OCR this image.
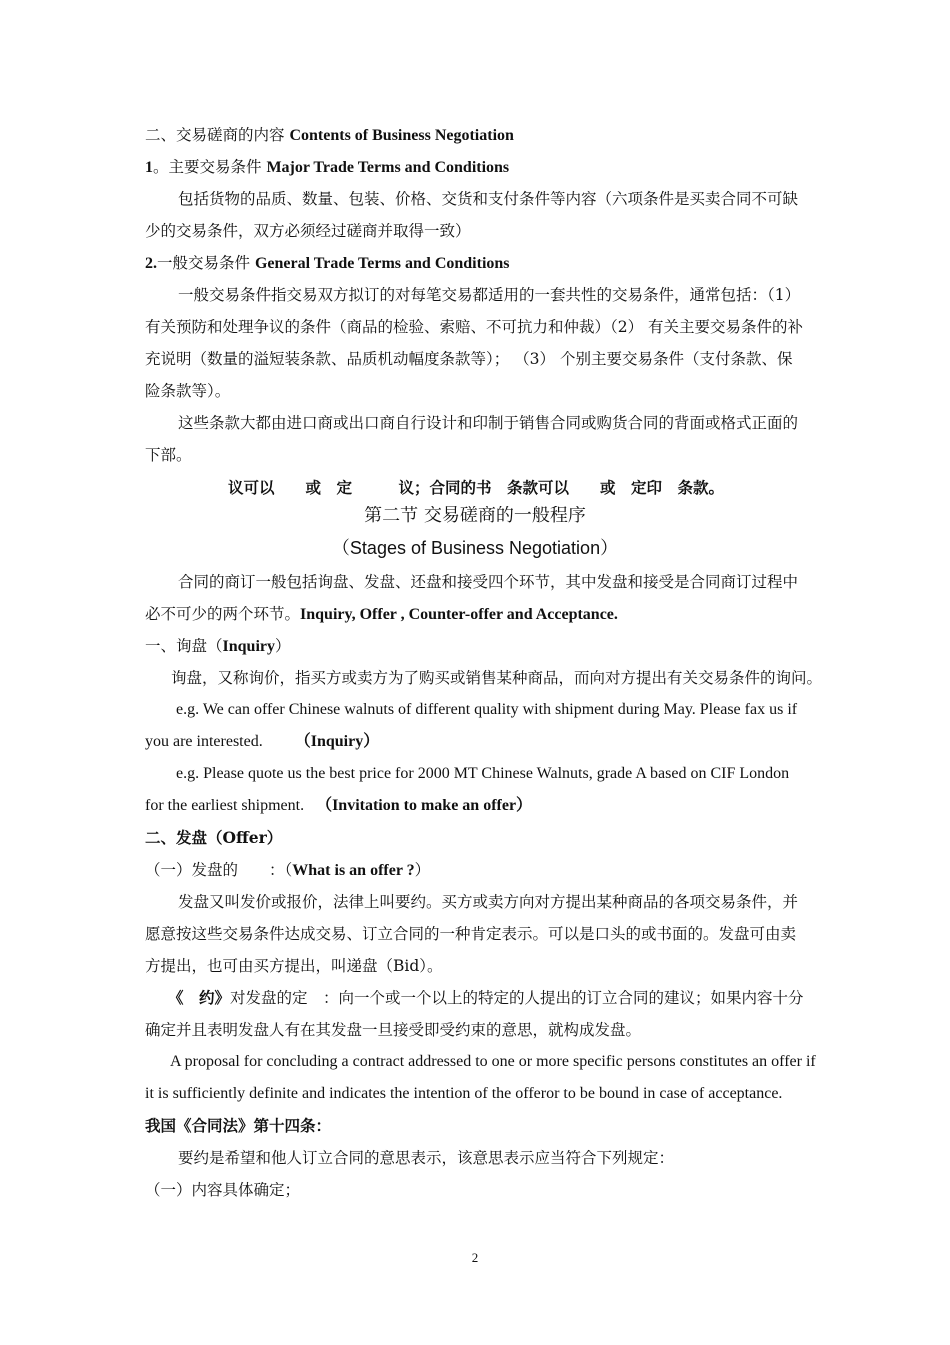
二、交易磋商的内容 Contents of Business Negotiation
1。主要交易条件 Major Trade Terms and Conditions
包括货物的品质、数量、包装、价格、交货和支付条件等内容（六项条件是买卖合同不可缺
少的交易条件，双方必须经过磋商并取得一致）
2.一般交易条件 General Trade Terms and Conditions
一般交易条件指交易双方拟订的对每笔交易都适用的一套共性的交易条件，通常包括：（1）
有关预防和处理争议的条件（商品的检验、索赔、不可抗力和仲裁）（2） 有关主要交易条件的补
充说明（数量的溢短装条款、品质机动幅度条款等）； （3） 个别主要交易条件（支付条款、保
险条款等）。
这些条款大都由进口商或出口商自行设计和印制于销售合同或购货合同的背面或格式正面的
下部。
议可以　　或　定　　　议；合同的书　条款可以　　或　定印　条款。
第二节 交易磋商的一般程序
（Stages of Business Negotiation）
合同的商订一般包括询盘、发盘、还盘和接受四个环节，其中发盘和接受是合同商订过程中
必不可少的两个环节。Inquiry, Offer , Counter-offer and Acceptance.
一、询盘（Inquiry）
询盘，又称询价，指买方或卖方为了购买或销售某种商品，而向对方提出有关交易条件的询问。
e.g. We can offer Chinese walnuts of different quality with shipment during May. Please fax us if
you are interested. （Inquiry）
e.g. Please quote us the best price for 2000 MT Chinese Walnuts, grade A based on CIF London
for the earliest shipment. （Invitation to make an offer）
二、发盘（Offer）
（一）发盘的　　：（What is an offer ?）
发盘又叫发价或报价，法律上叫要约。买方或卖方向对方提出某种商品的各项交易条件，并
愿意按这些交易条件达成交易、订立合同的一种肯定表示。可以是口头的或书面的。发盘可由卖
方提出，也可由买方提出，叫递盘（Bid）。
《　约》对发盘的定　：向一个或一个以上的特定的人提出的订立合同的建议；如果内容十分
确定并且表明发盘人有在其发盘一旦接受即受约束的意思，就构成发盘。
A proposal for concluding a contract addressed to one or more specific persons constitutes an offer if
it is sufficiently definite and indicates the intention of the offeror to be bound in case of acceptance.
我国《合同法》第十四条：
要约是希望和他人订立合同的意思表示，该意思表示应当符合下列规定：
（一）内容具体确定；
2
